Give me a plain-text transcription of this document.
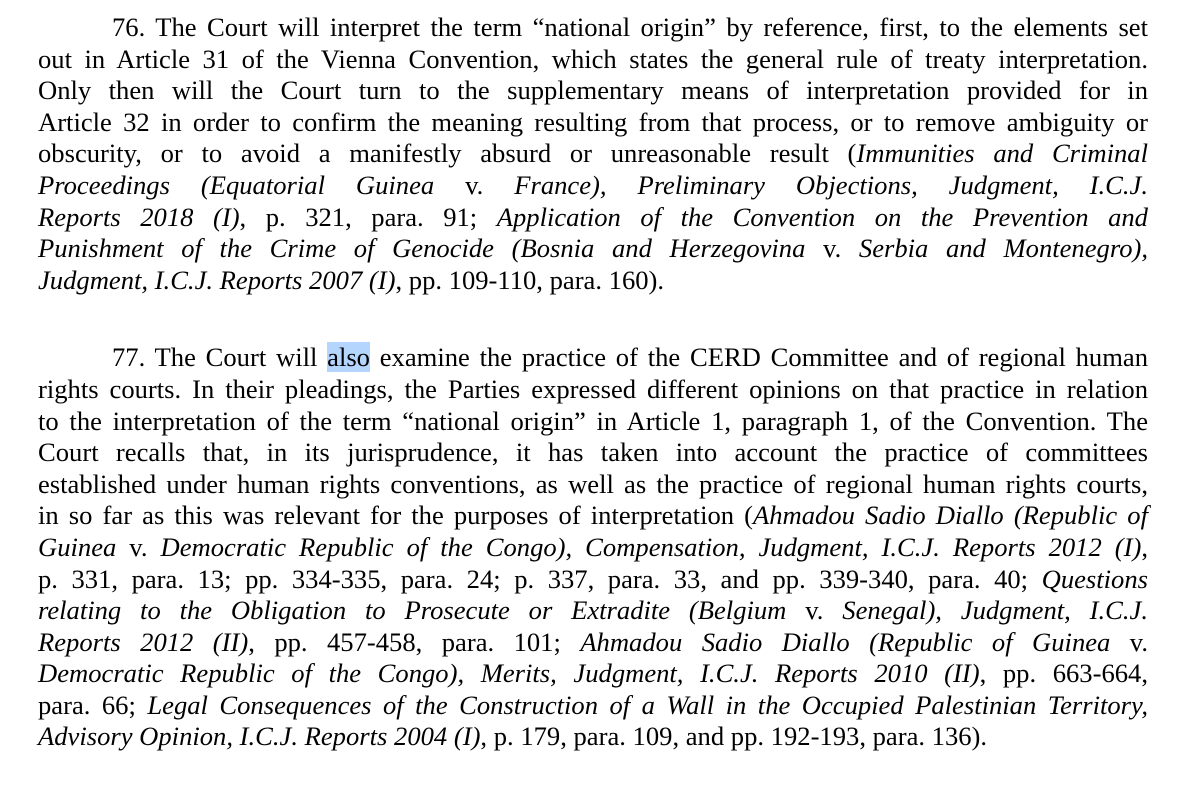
76. The Court will interpret the term “national origin” by reference, first, to the elements set
out in Article 31 of the Vienna Convention, which states the general rule of treaty interpretation.
Only then will the Court turn to the supplementary means of interpretation provided for in
Article 32 in order to confirm the meaning resulting from that process, or to remove ambiguity or
obscurity, or to avoid a manifestly absurd or unreasonable result (Immunities and Criminal
Proceedings (Equatorial Guinea v. France), Preliminary Objections, Judgment, I.C.J.
Reports 2018 (I), p. 321, para. 91; Application of the Convention on the Prevention and
Punishment of the Crime of Genocide (Bosnia and Herzegovina v. Serbia and Montenegro),
Judgment, I.C.J. Reports 2007 (I), pp. 109-110, para. 160).
77. The Court will also examine the practice of the CERD Committee and of regional human
rights courts. In their pleadings, the Parties expressed different opinions on that practice in relation
to the interpretation of the term “national origin” in Article 1, paragraph 1, of the Convention. The
Court recalls that, in its jurisprudence, it has taken into account the practice of committees
established under human rights conventions, as well as the practice of regional human rights courts,
in so far as this was relevant for the purposes of interpretation (Ahmadou Sadio Diallo (Republic of
Guinea v. Democratic Republic of the Congo), Compensation, Judgment, I.C.J. Reports 2012 (I),
p. 331, para. 13; pp. 334-335, para. 24; p. 337, para. 33, and pp. 339-340, para. 40; Questions
relating to the Obligation to Prosecute or Extradite (Belgium v. Senegal), Judgment, I.C.J.
Reports 2012 (II), pp. 457-458, para. 101; Ahmadou Sadio Diallo (Republic of Guinea v.
Democratic Republic of the Congo), Merits, Judgment, I.C.J. Reports 2010 (II), pp. 663-664,
para. 66; Legal Consequences of the Construction of a Wall in the Occupied Palestinian Territory,
Advisory Opinion, I.C.J. Reports 2004 (I), p. 179, para. 109, and pp. 192-193, para. 136).
